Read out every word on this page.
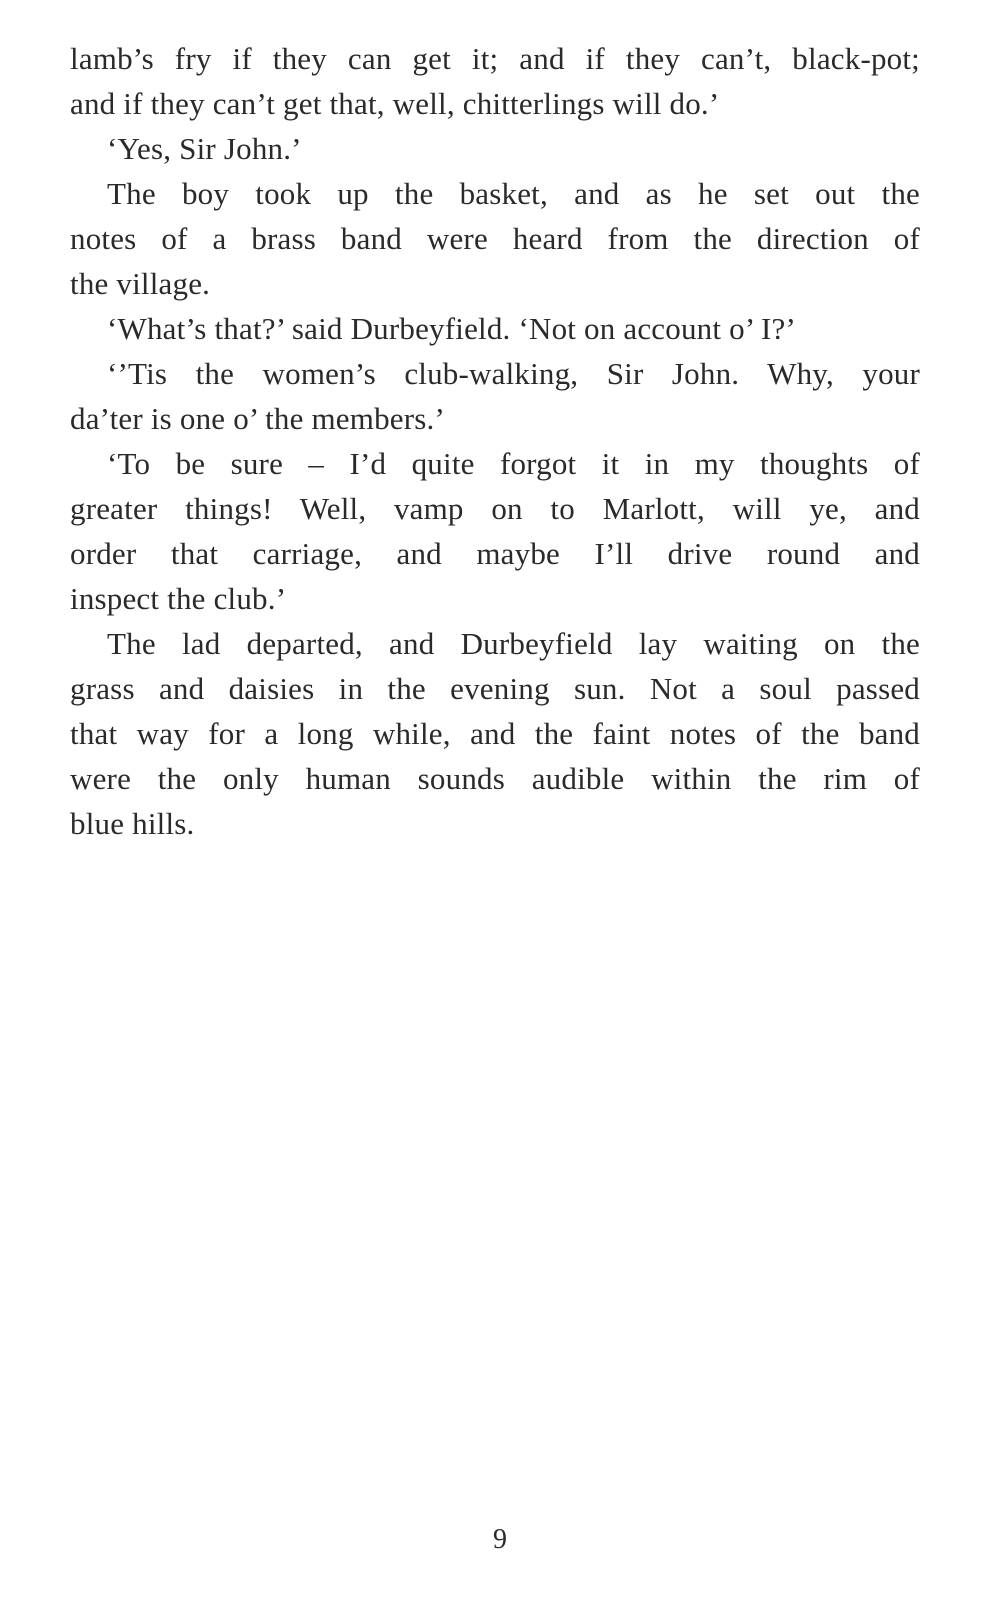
lamb’s fry if they can get it; and if they can’t, black-pot;
and if they can’t get that, well, chitterlings will do.’
‘Yes, Sir John.’
The boy took up the basket, and as he set out the
notes of a brass band were heard from the direction of
the village.
‘What’s that?’ said Durbeyfield. ‘Not on account o’ I?’
‘’Tis the women’s club-walking, Sir John. Why, your
da’ter is one o’ the members.’
‘To be sure – I’d quite forgot it in my thoughts of
greater things! Well, vamp on to Marlott, will ye, and
order that carriage, and maybe I’ll drive round and
inspect the club.’
The lad departed, and Durbeyfield lay waiting on the
grass and daisies in the evening sun. Not a soul passed
that way for a long while, and the faint notes of the band
were the only human sounds audible within the rim of
blue hills.
9
